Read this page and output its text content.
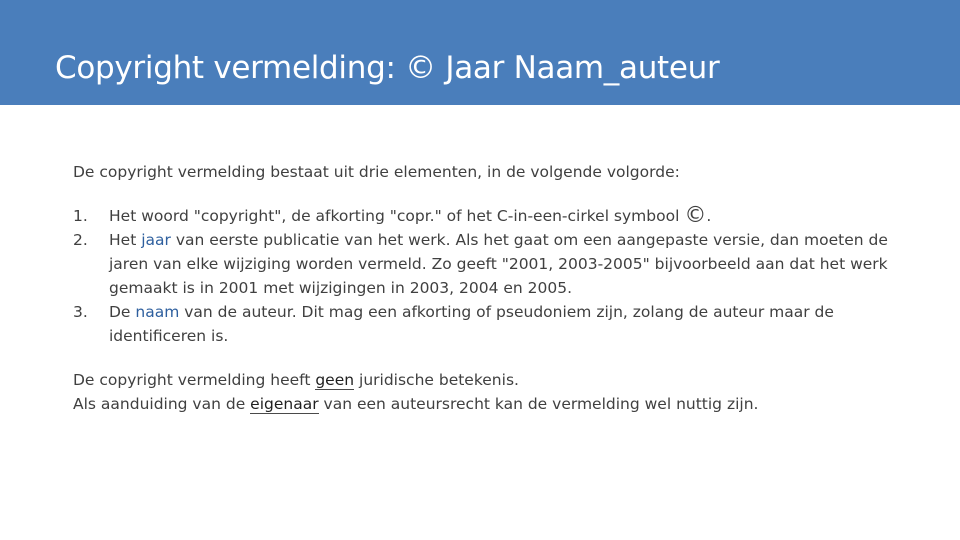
Copyright vermelding: © Jaar Naam_auteur

De copyright vermelding bestaat uit drie elementen, in de volgende volgorde:

1. Het woord "copyright", de afkorting "copr." of het C-in-een-cirkel symbool ©.
2. Het jaar van eerste publicatie van het werk. Als het gaat om een aangepaste versie, dan moeten de jaren van elke wijziging worden vermeld. Zo geeft "2001, 2003-2005" bijvoorbeeld aan dat het werk gemaakt is in 2001 met wijzigingen in 2003, 2004 en 2005.
3. De naam van de auteur. Dit mag een afkorting of pseudoniem zijn, zolang de auteur maar de identificeren is.

De copyright vermelding heeft geen juridische betekenis.

Als aanduiding van de eigenaar van een auteursrecht kan de vermelding wel nuttig zijn.
